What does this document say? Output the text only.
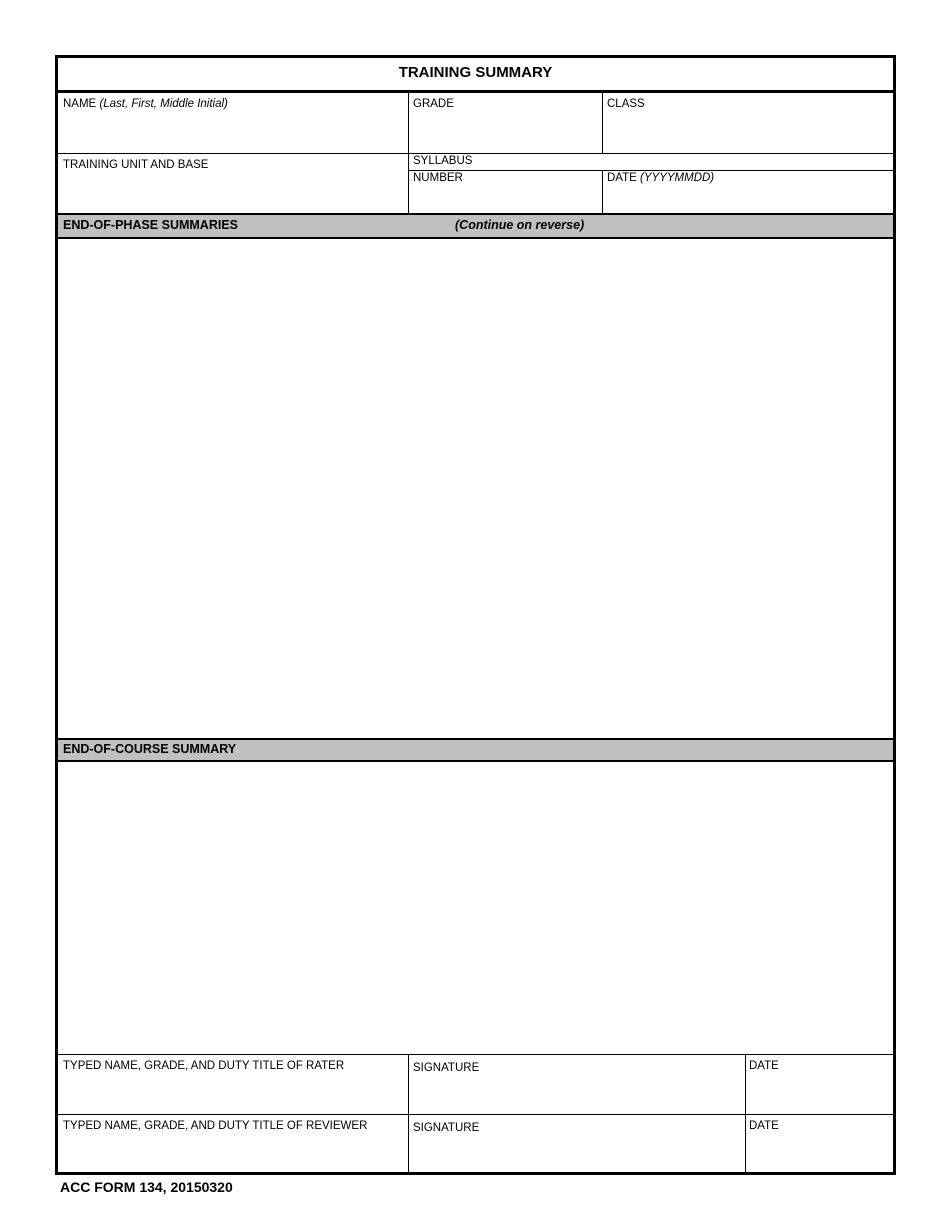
TRAINING SUMMARY
NAME (Last, First, Middle Initial)	GRADE	CLASS
TRAINING UNIT AND BASE	SYLLABUS
NUMBER	DATE (YYYYMMDD)
END-OF-PHASE SUMMARIES	(Continue on reverse)
END-OF-COURSE SUMMARY
TYPED NAME, GRADE, AND DUTY TITLE OF RATER	SIGNATURE	DATE
TYPED NAME, GRADE, AND DUTY TITLE OF REVIEWER	SIGNATURE	DATE
ACC FORM 134, 20150320
